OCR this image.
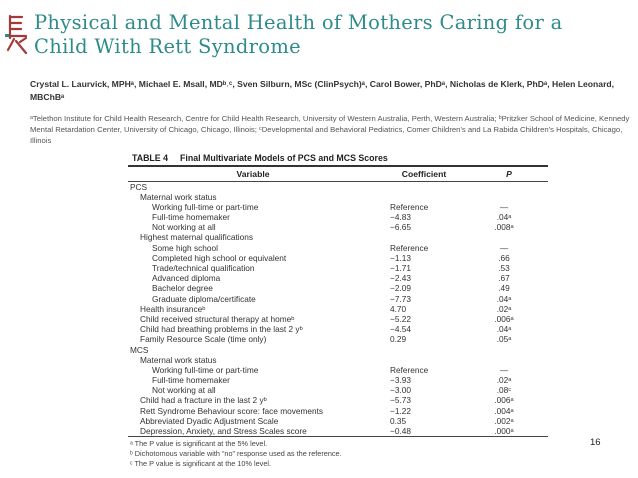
Physical and Mental Health of Mothers Caring for a
Child With Rett Syndrome

Crystal L. Laurvick, MPHᵃ, Michael E. Msall, MDᵇ˒ᶜ, Sven Silburn, MSc (ClinPsych)ᵃ, Carol Bower, PhDᵃ, Nicholas de Klerk, PhDᵃ, Helen Leonard, MBChBᵃ

ᵃTelethon Institute for Child Health Research, Centre for Child Health Research, University of Western Australia, Perth, Western Australia; ᵇPritzker School of Medicine, Kennedy Mental Retardation Center, University of Chicago, Chicago, Illinois; ᶜDevelopmental and Behavioral Pediatrics, Comer Children's and La Rabida Children's Hospitals, Chicago, Illinois

TABLE 4 Final Multivariate Models of PCS and MCS Scores
Variable	Coefficient	P
PCS
Maternal work status
Working full-time or part-time	Reference	—
Full-time homemaker	−4.83	.04ᵃ
Not working at all	−6.65	.008ᵃ
Highest maternal qualifications
Some high school	Reference	—
Completed high school or equivalent	−1.13	.66
Trade/technical qualification	−1.71	.53
Advanced diploma	−2.43	.67
Bachelor degree	−2.09	.49
Graduate diploma/certificate	−7.73	.04ᵃ
Health insuranceᵇ	4.70	.02ᵃ
Child received structural therapy at homeᵇ	−5.22	.006ᵃ
Child had breathing problems in the last 2 yᵇ	−4.54	.04ᵃ
Family Resource Scale (time only)	0.29	.05ᵃ
MCS
Maternal work status
Working full-time or part-time	Reference	—
Full-time homemaker	−3.93	.02ᵃ
Not working at all	−3.00	.08ᶜ
Child had a fracture in the last 2 yᵇ	−5.73	.006ᵃ
Rett Syndrome Behaviour score: face movements	−1.22	.004ᵃ
Abbreviated Dyadic Adjustment Scale	0.35	.002ᵃ
Depression, Anxiety, and Stress Scales score	−0.48	.000ᵃ
ᵃ The P value is significant at the 5% level.
ᵇ Dichotomous variable with “no” response used as the reference.
ᶜ The P value is significant at the 10% level.
16
